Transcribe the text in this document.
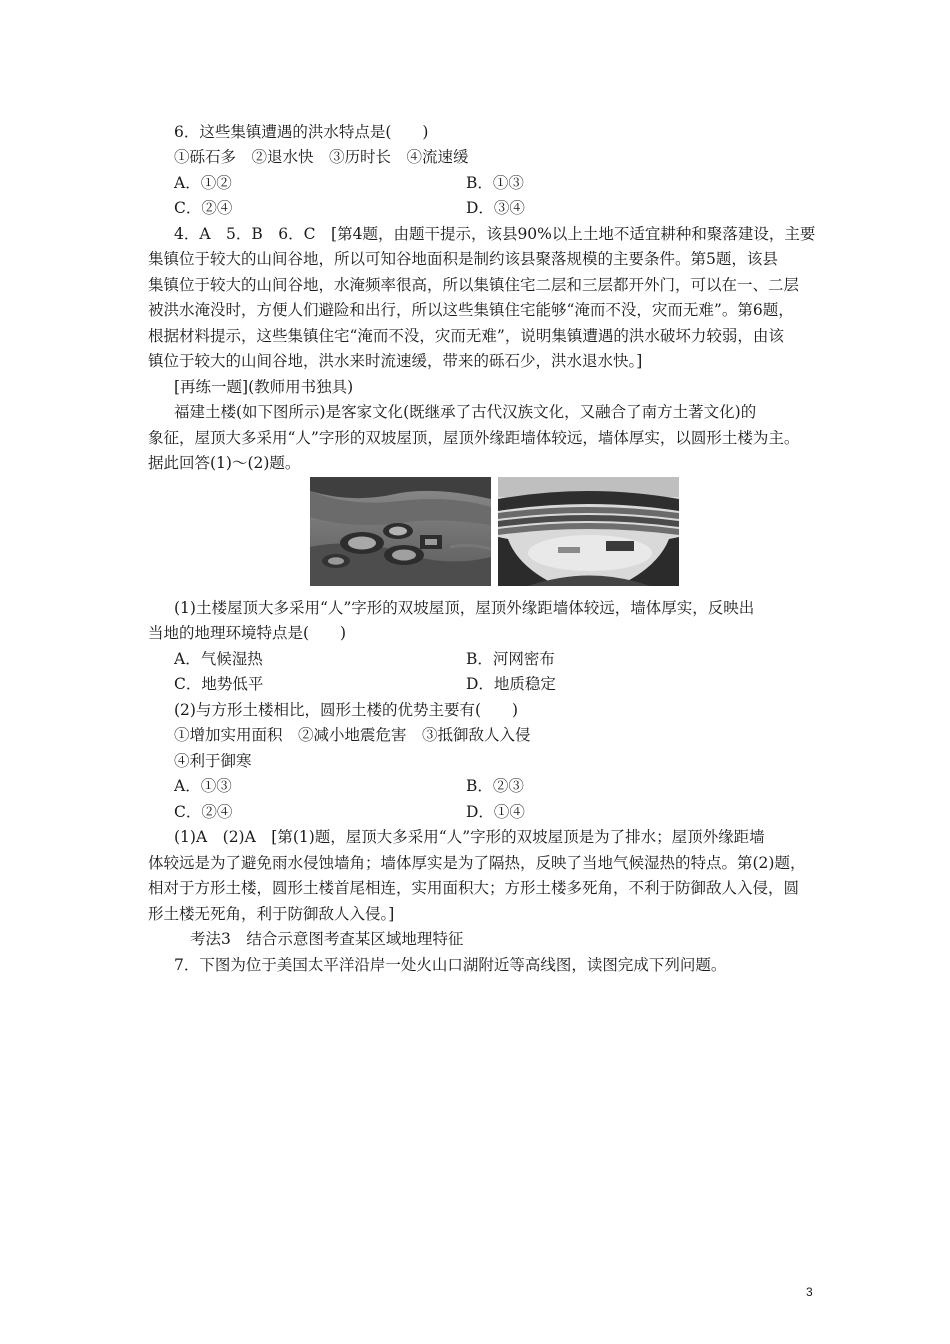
6．这些集镇遭遇的洪水特点是(　　)
①砾石多　②退水快　③历时长　④流速缓
A．①②	B．①③
C．②④	D．③④
4．A　5．B　6．C　[第4题，由题干提示，该县90%以上土地不适宜耕种和聚落建设，主要
集镇位于较大的山间谷地，所以可知谷地面积是制约该县聚落规模的主要条件。第5题，该县
集镇位于较大的山间谷地，水淹频率很高，所以集镇住宅二层和三层都开外门，可以在一、二层
被洪水淹没时，方便人们避险和出行，所以这些集镇住宅能够“淹而不没，灾而无难”。第6题，
根据材料提示，这些集镇住宅“淹而不没，灾而无难”，说明集镇遭遇的洪水破坏力较弱，由该
镇位于较大的山间谷地，洪水来时流速缓，带来的砾石少，洪水退水快。]
[再练一题](教师用书独具)
福建土楼(如下图所示)是客家文化(既继承了古代汉族文化，又融合了南方土著文化)的
象征，屋顶大多采用“人”字形的双坡屋顶，屋顶外缘距墙体较远，墙体厚实，以圆形土楼为主。
据此回答(1)～(2)题。
(1)土楼屋顶大多采用“人”字形的双坡屋顶，屋顶外缘距墙体较远，墙体厚实，反映出
当地的地理环境特点是(　　)
A．气候湿热	B．河网密布
C．地势低平	D．地质稳定
(2)与方形土楼相比，圆形土楼的优势主要有(　　)
①增加实用面积　②减小地震危害　③抵御敌人入侵
④利于御寒
A．①③	B．②③
C．②④	D．①④
(1)A　(2)A　[第(1)题，屋顶大多采用“人”字形的双坡屋顶是为了排水；屋顶外缘距墙
体较远是为了避免雨水侵蚀墙角；墙体厚实是为了隔热，反映了当地气候湿热的特点。第(2)题，
相对于方形土楼，圆形土楼首尾相连，实用面积大；方形土楼多死角，不利于防御敌人入侵，圆
形土楼无死角，利于防御敌人入侵。]
考法3　结合示意图考查某区域地理特征
7．下图为位于美国太平洋沿岸一处火山口湖附近等高线图，读图完成下列问题。
3
